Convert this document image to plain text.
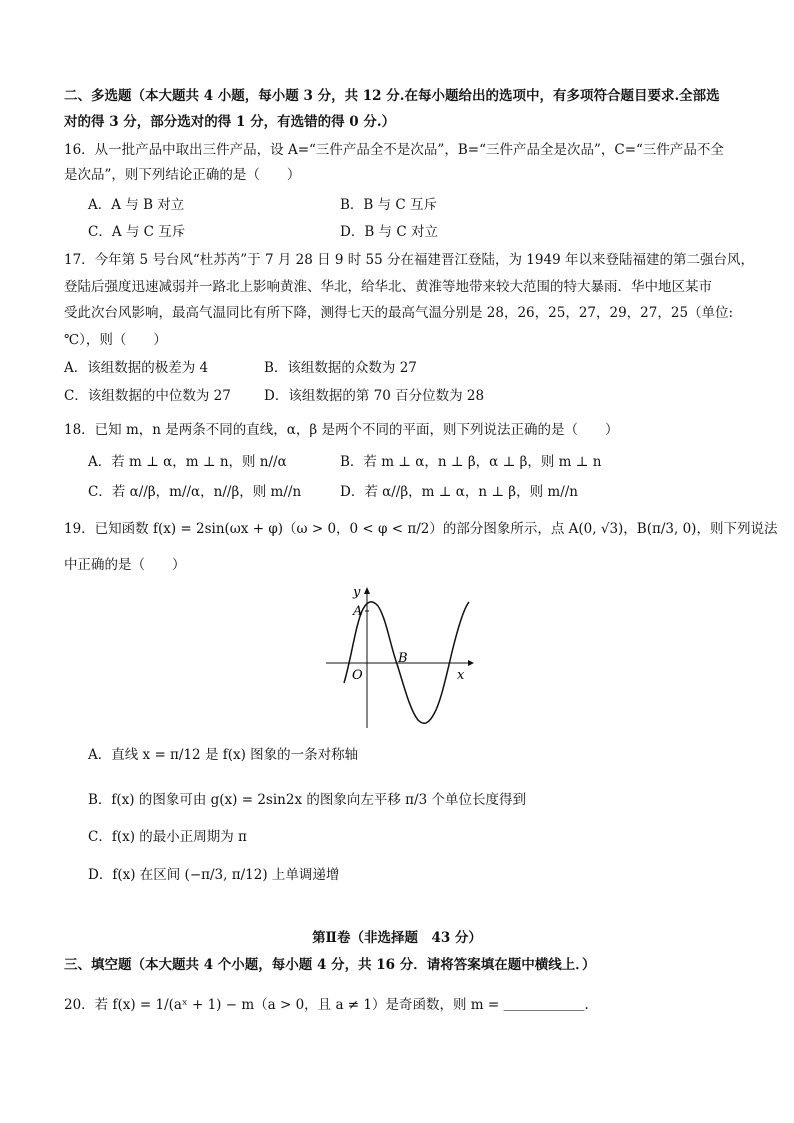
二、多选题（本大题共 4 小题，每小题 3 分，共 12 分.在每小题给出的选项中，有多项符合题目要求.全部选
对的得 3 分，部分选对的得 1 分，有选错的得 0 分.）
16．从一批产品中取出三件产品，设 A=“三件产品全不是次品”，B=“三件产品全是次品”，C=“三件产品不全
是次品”，则下列结论正确的是（　　）
A．A 与 B 对立	B．B 与 C 互斥
C．A 与 C 互斥	D．B 与 C 对立
17．今年第 5 号台风“杜苏芮”于 7 月 28 日 9 时 55 分在福建晋江登陆，为 1949 年以来登陆福建的第二强台风，
登陆后强度迅速减弱并一路北上影响黄淮、华北，给华北、黄淮等地带来较大范围的特大暴雨．华中地区某市
受此次台风影响，最高气温同比有所下降，测得七天的最高气温分别是 28，26，25，27，29，27，25（单位:
℃），则（　　）
A．该组数据的极差为 4	B．该组数据的众数为 27
C．该组数据的中位数为 27 D．该组数据的第 70 百分位数为 28
18．已知 m，n 是两条不同的直线，α，β 是两个不同的平面，则下列说法正确的是（　　）
A．若 m ⊥ α，m ⊥ n，则 n//α	B．若 m ⊥ α，n ⊥ β，α ⊥ β，则 m ⊥ n
C．若 α//β，m//α，n//β，则 m//n	D．若 α//β，m ⊥ α，n ⊥ β，则 m//n
19．已知函数 f(x) = 2sin(ωx + φ)（ω > 0，0 < φ < π/2）的部分图象所示，点 A(0, √3)，B(π/3, 0)，则下列说法
中正确的是（　　）
y
A
B
O	x
A．直线 x = π/12 是 f(x) 图象的一条对称轴
B．f(x) 的图象可由 g(x) = 2sin2x 的图象向左平移 π/3 个单位长度得到
C．f(x) 的最小正周期为 π
D．f(x) 在区间 (−π/3, π/12) 上单调递增
第Ⅱ卷（非选择题　43 分）
三、填空题（本大题共 4 个小题，每小题 4 分，共 16 分．请将答案填在题中横线上．）
20．若 f(x) = 1/(aˣ + 1) − m（a > 0，且 a ≠ 1）是奇函数，则 m = ＿＿＿＿＿＿.
